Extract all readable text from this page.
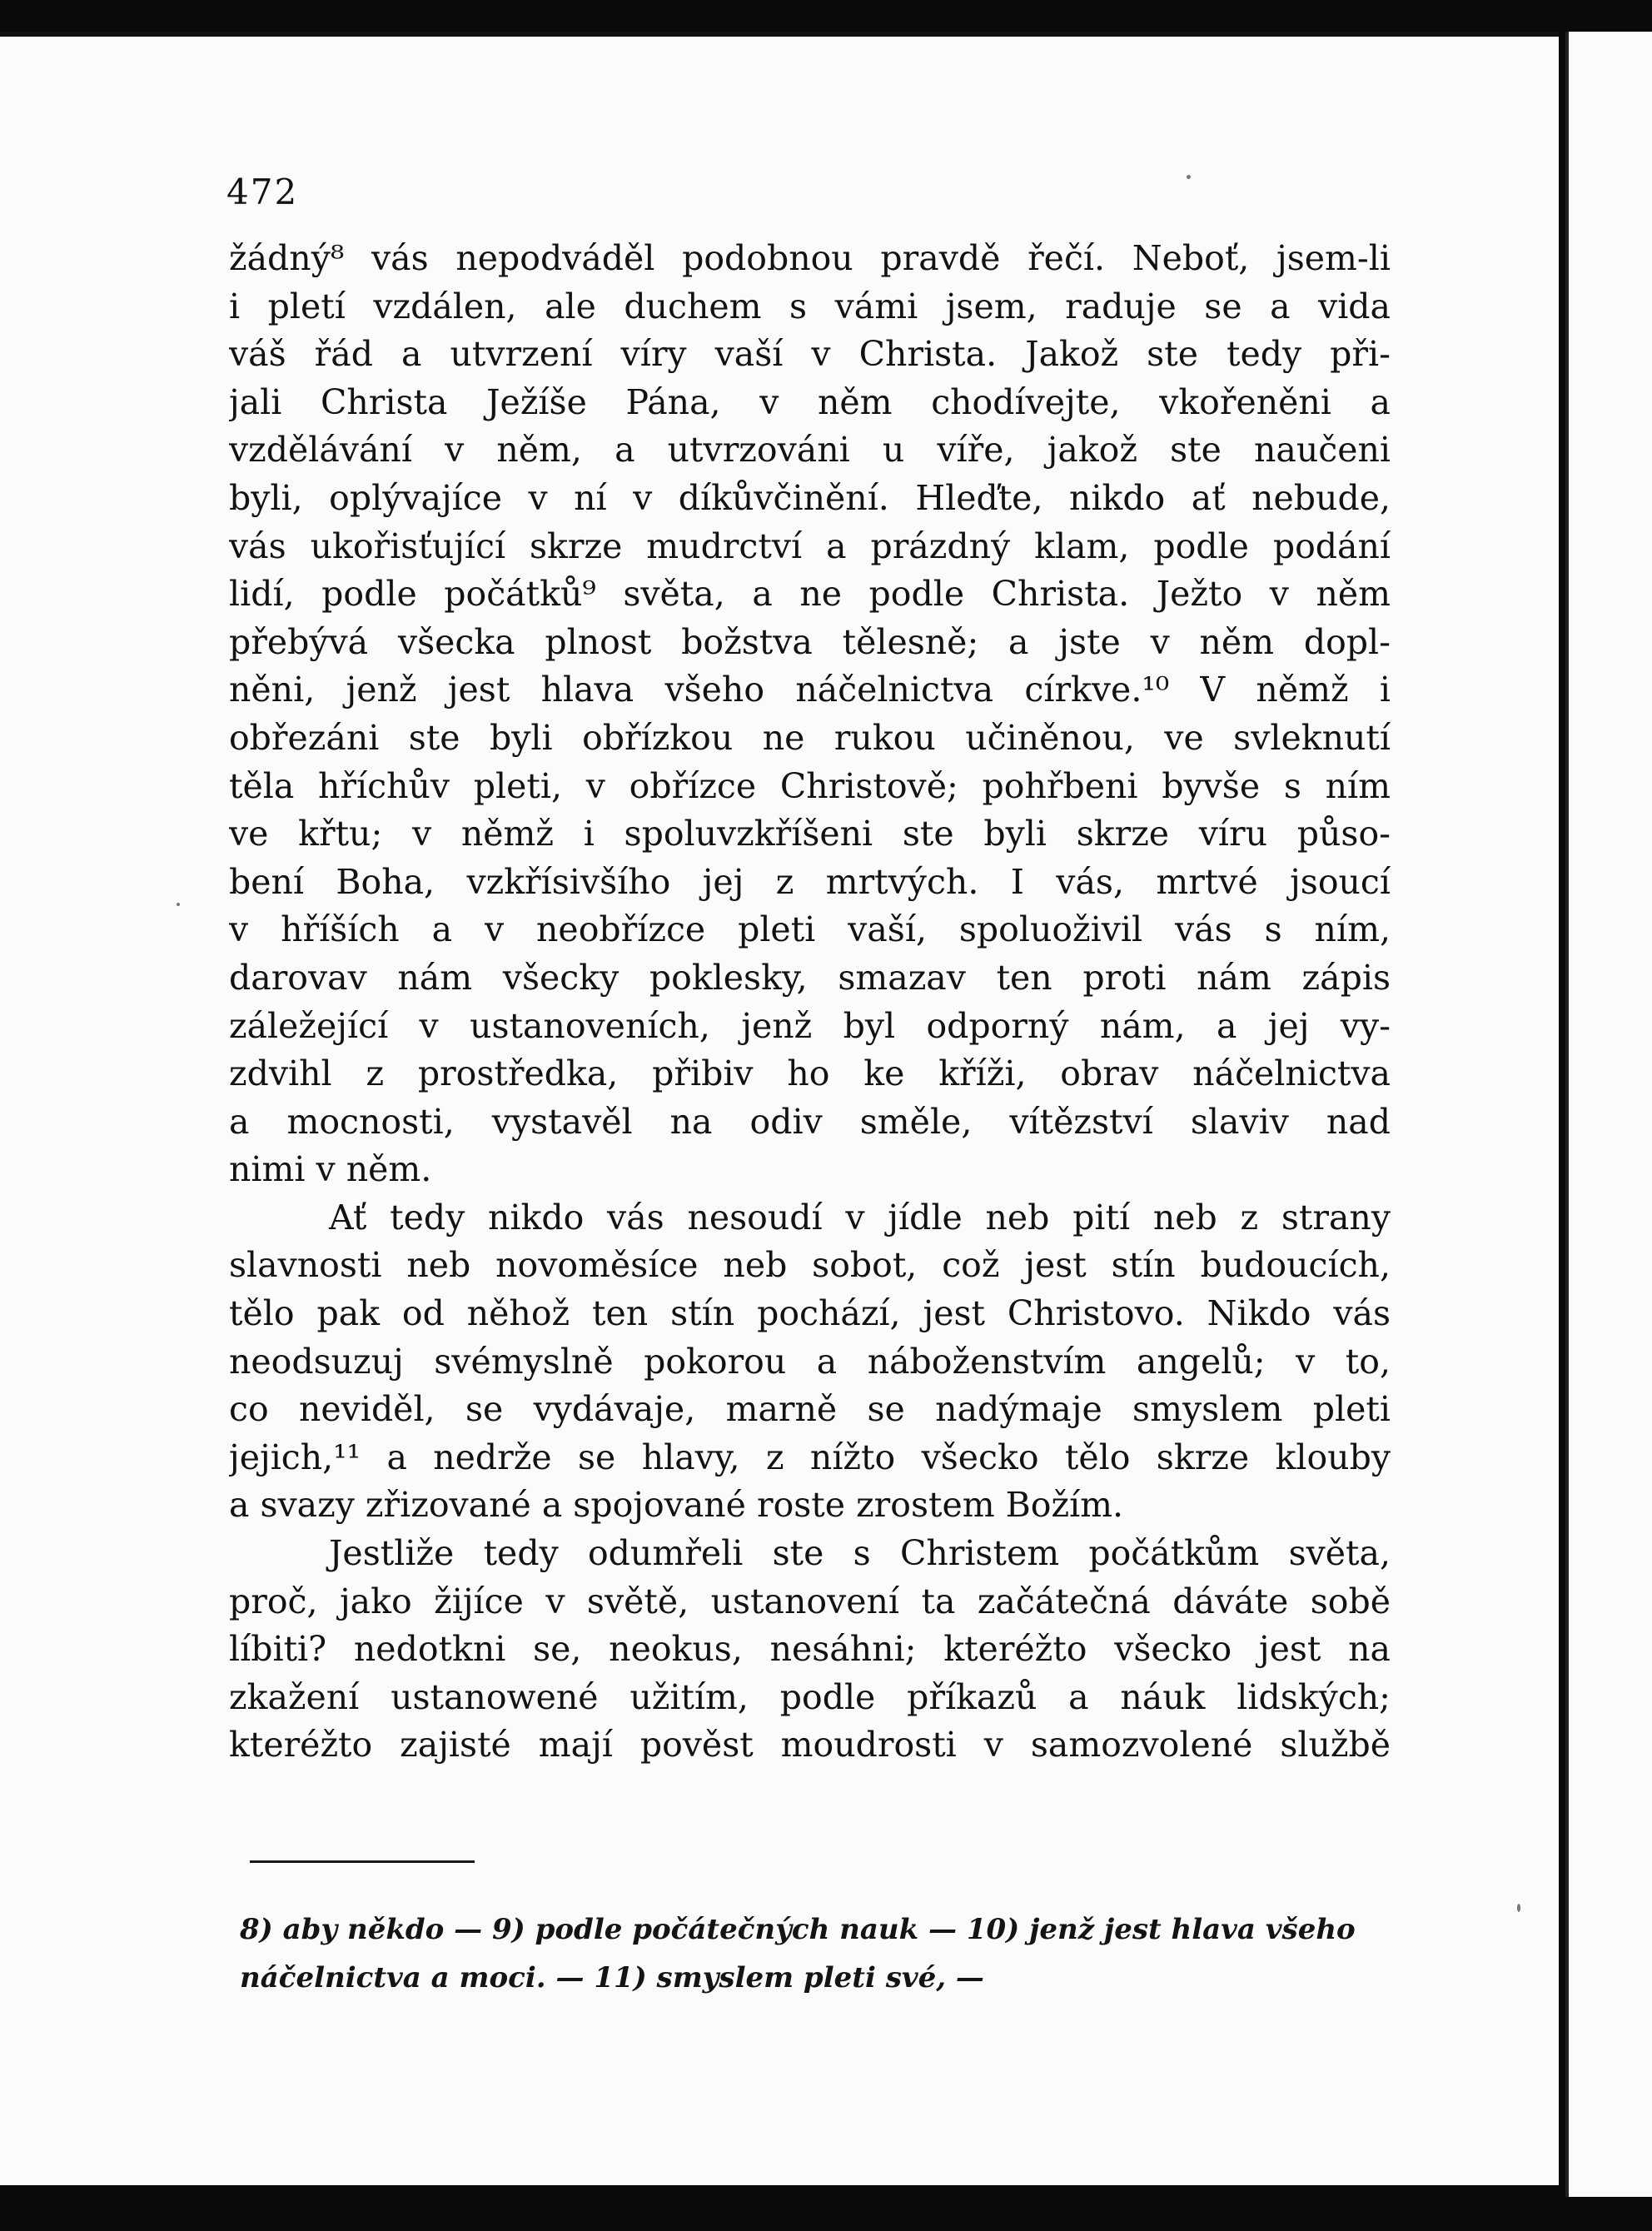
472
žádný⁸ vás nepodváděl podobnou pravdě řečí. Neboť, jsem-li
i pletí vzdálen, ale duchem s vámi jsem, raduje se a vida
váš řád a utvrzení víry vaší v Christa. Jakož ste tedy při-
jali Christa Ježíše Pána, v něm chodívejte, vkořeněni a
vzdělávání v něm, a utvrzováni u víře, jakož ste naučeni
byli, oplývajíce v ní v díkůvčinění. Hleďte, nikdo ať nebude,
vás ukořisťující skrze mudrctví a prázdný klam, podle podání
lidí, podle počátků⁹ světa, a ne podle Christa. Ježto v něm
přebývá všecka plnost božstva tělesně; a jste v něm dopl-
něni, jenž jest hlava všeho náčelnictva církve.¹⁰ V němž i
obřezáni ste byli obřízkou ne rukou učiněnou, ve svleknutí
těla hříchův pleti, v obřízce Christově; pohřbeni byvše s ním
ve křtu; v němž i spoluvzkříšeni ste byli skrze víru půso-
bení Boha, vzkřísivšího jej z mrtvých. I vás, mrtvé jsoucí
v hříších a v neobřízce pleti vaší, spoluoživil vás s ním,
darovav nám všecky poklesky, smazav ten proti nám zápis
záležející v ustanoveních, jenž byl odporný nám, a jej vy-
zdvihl z prostředka, přibiv ho ke kříži, obrav náčelnictva
a mocnosti, vystavěl na odiv směle, vítězství slaviv nad
nimi v něm.
Ať tedy nikdo vás nesoudí v jídle neb pití neb z strany
slavnosti neb novoměsíce neb sobot, což jest stín budoucích,
tělo pak od něhož ten stín pochází, jest Christovo. Nikdo vás
neodsuzuj svémyslně pokorou a náboženstvím angelů; v to,
co neviděl, se vydávaje, marně se nadýmaje smyslem pleti
jejich,¹¹ a nedrže se hlavy, z nížto všecko tělo skrze klouby
a svazy zřizované a spojované roste zrostem Božím.
Jestliže tedy odumřeli ste s Christem počátkům světa,
proč, jako žijíce v světě, ustanovení ta začátečná dáváte sobě
líbiti? nedotkni se, neokus, nesáhni; kteréžto všecko jest na
zkažení ustanowené užitím, podle příkazů a náuk lidských;
kteréžto zajisté mají pověst moudrosti v samozvolené službě
8) aby někdo — 9) podle počátečných nauk — 10) jenž jest hlava všeho
náčelnictva a moci. — 11) smyslem pleti své, —
